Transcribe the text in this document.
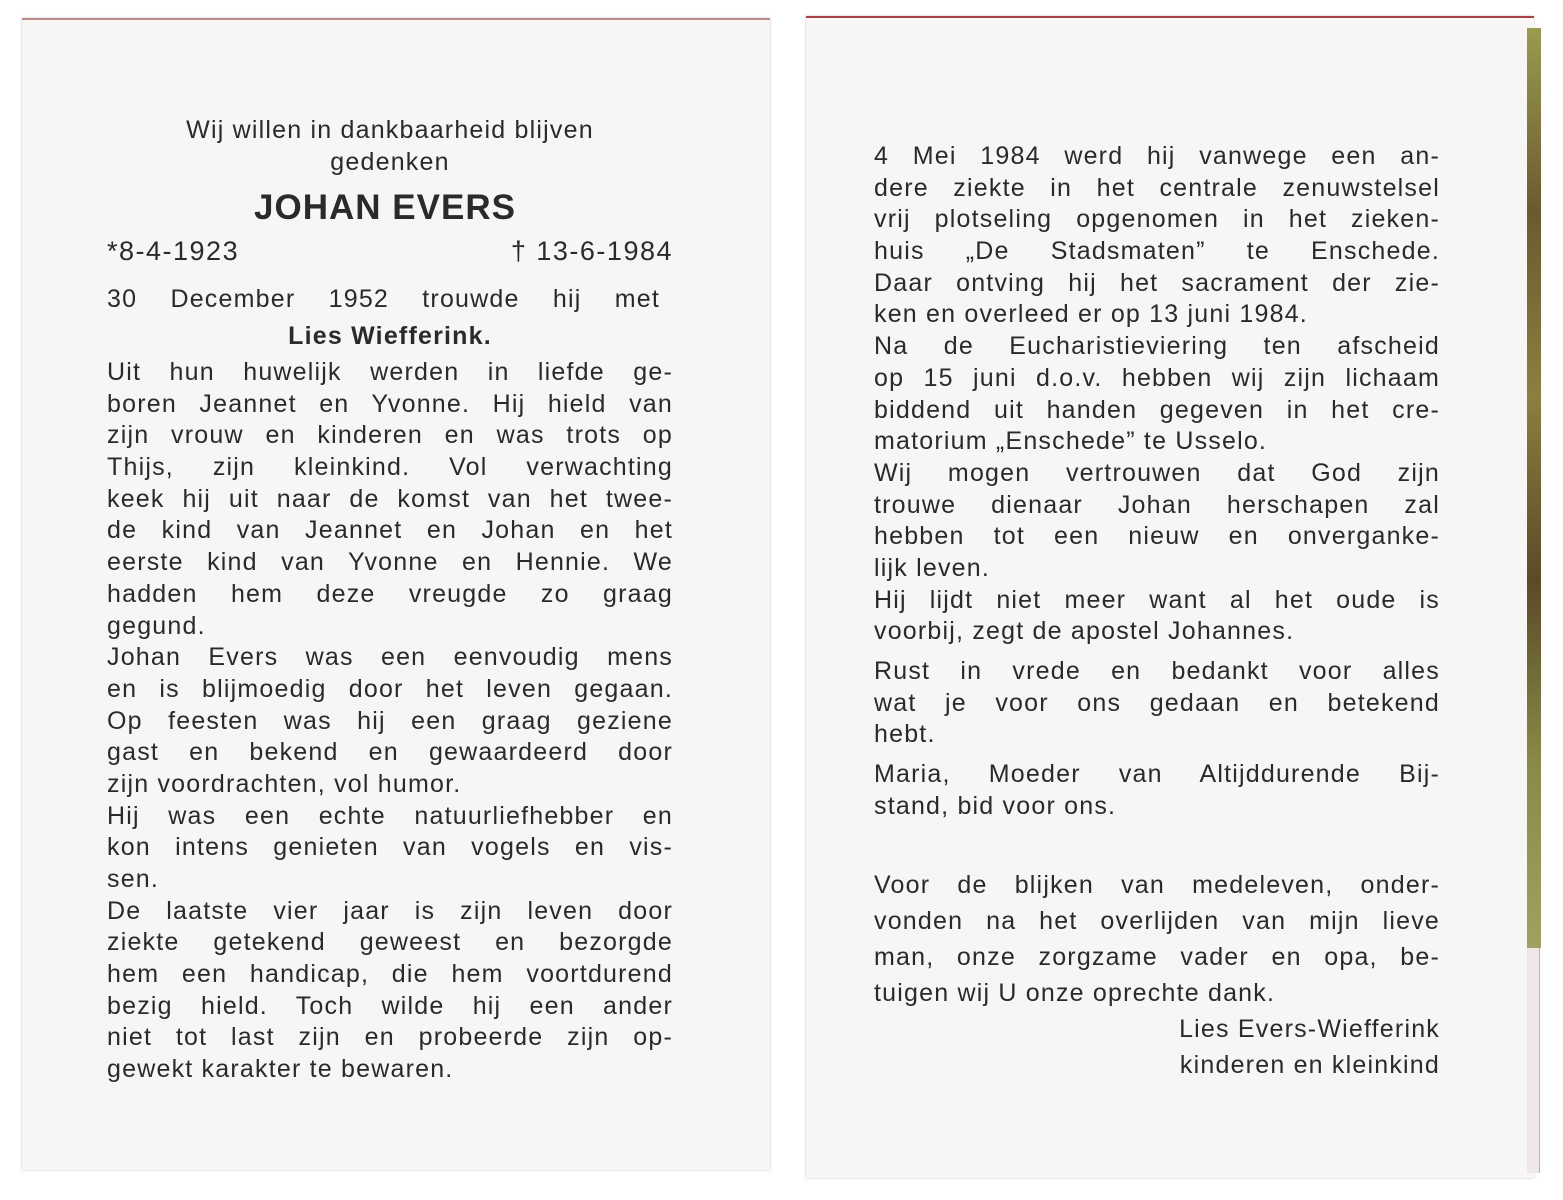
Wij willen in dankbaarheid blijven
gedenken
JOHAN EVERS
*8-4-1923	† 13-6-1984
30 December 1952 trouwde hij met
Lies Wiefferink.
Uit hun huwelijk werden in liefde ge-
boren Jeannet en Yvonne. Hij hield van
zijn vrouw en kinderen en was trots op
Thijs, zijn kleinkind. Vol verwachting
keek hij uit naar de komst van het twee-
de kind van Jeannet en Johan en het
eerste kind van Yvonne en Hennie. We
hadden hem deze vreugde zo graag
gegund.
Johan Evers was een eenvoudig mens
en is blijmoedig door het leven gegaan.
Op feesten was hij een graag geziene
gast en bekend en gewaardeerd door
zijn voordrachten, vol humor.
Hij was een echte natuurliefhebber en
kon intens genieten van vogels en vis-
sen.
De laatste vier jaar is zijn leven door
ziekte getekend geweest en bezorgde
hem een handicap, die hem voortdurend
bezig hield. Toch wilde hij een ander
niet tot last zijn en probeerde zijn op-
gewekt karakter te bewaren.
4 Mei 1984 werd hij vanwege een an-
dere ziekte in het centrale zenuwstelsel
vrij plotseling opgenomen in het zieken-
huis „De Stadsmaten” te Enschede.
Daar ontving hij het sacrament der zie-
ken en overleed er op 13 juni 1984.
Na de Eucharistieviering ten afscheid
op 15 juni d.o.v. hebben wij zijn lichaam
biddend uit handen gegeven in het cre-
matorium „Enschede” te Usselo.
Wij mogen vertrouwen dat God zijn
trouwe dienaar Johan herschapen zal
hebben tot een nieuw en onverganke-
lijk leven.
Hij lijdt niet meer want al het oude is
voorbij, zegt de apostel Johannes.
Rust in vrede en bedankt voor alles
wat je voor ons gedaan en betekend
hebt.
Maria, Moeder van Altijddurende Bij-
stand, bid voor ons.
Voor de blijken van medeleven, onder-
vonden na het overlijden van mijn lieve
man, onze zorgzame vader en opa, be-
tuigen wij U onze oprechte dank.
Lies Evers-Wiefferink
kinderen en kleinkind
